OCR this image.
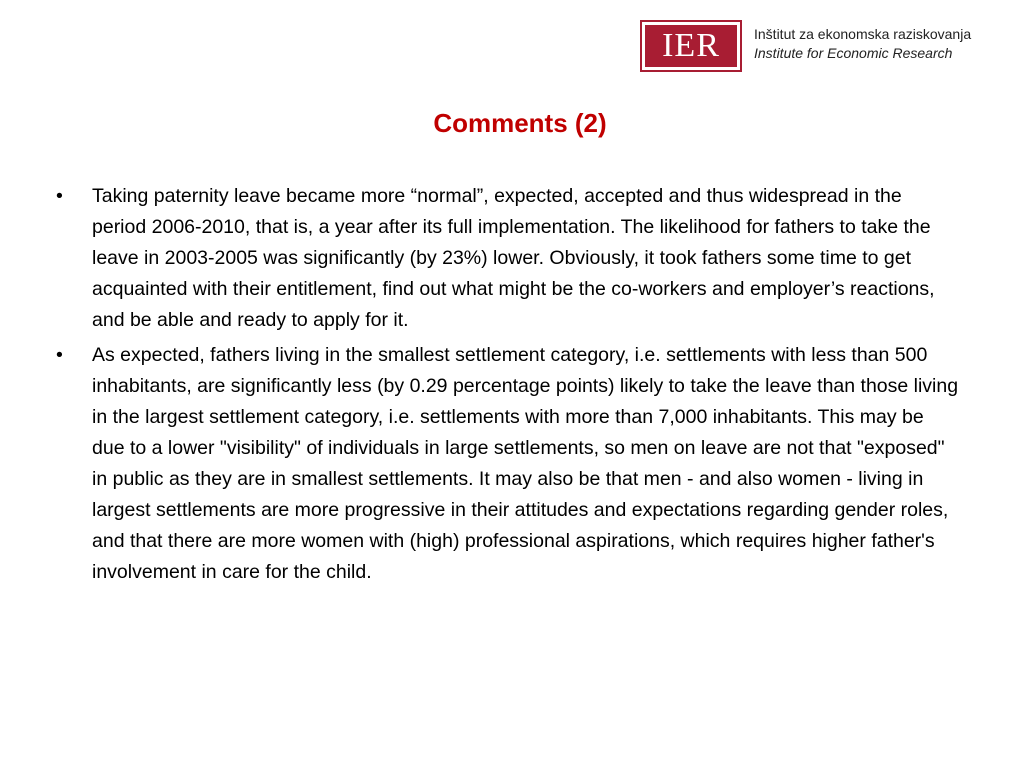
IER	Inštitut za ekonomska raziskovanja
Institute for Economic Research
Comments (2)
•	Taking paternity leave became more “normal”, expected, accepted and thus widespread in the period 2006-2010, that is, a year after its full implementation. The likelihood for fathers to take the leave in 2003-2005 was significantly (by 23%) lower. Obviously, it took fathers some time to get acquainted with their entitlement, find out what might be the co-workers and employer’s reactions, and be able and ready to apply for it.
•	As expected, fathers living in the smallest settlement category, i.e. settlements with less than 500 inhabitants, are significantly less (by 0.29 percentage points) likely to take the leave than those living in the largest settlement category, i.e. settlements with more than 7,000 inhabitants. This may be due to a lower "visibility" of individuals in large settlements, so men on leave are not that "exposed" in public as they are in smallest settlements. It may also be that men - and also women - living in largest settlements are more progressive in their attitudes and expectations regarding gender roles, and that there are more women with (high) professional aspirations, which requires higher father's involvement in care for the child.
